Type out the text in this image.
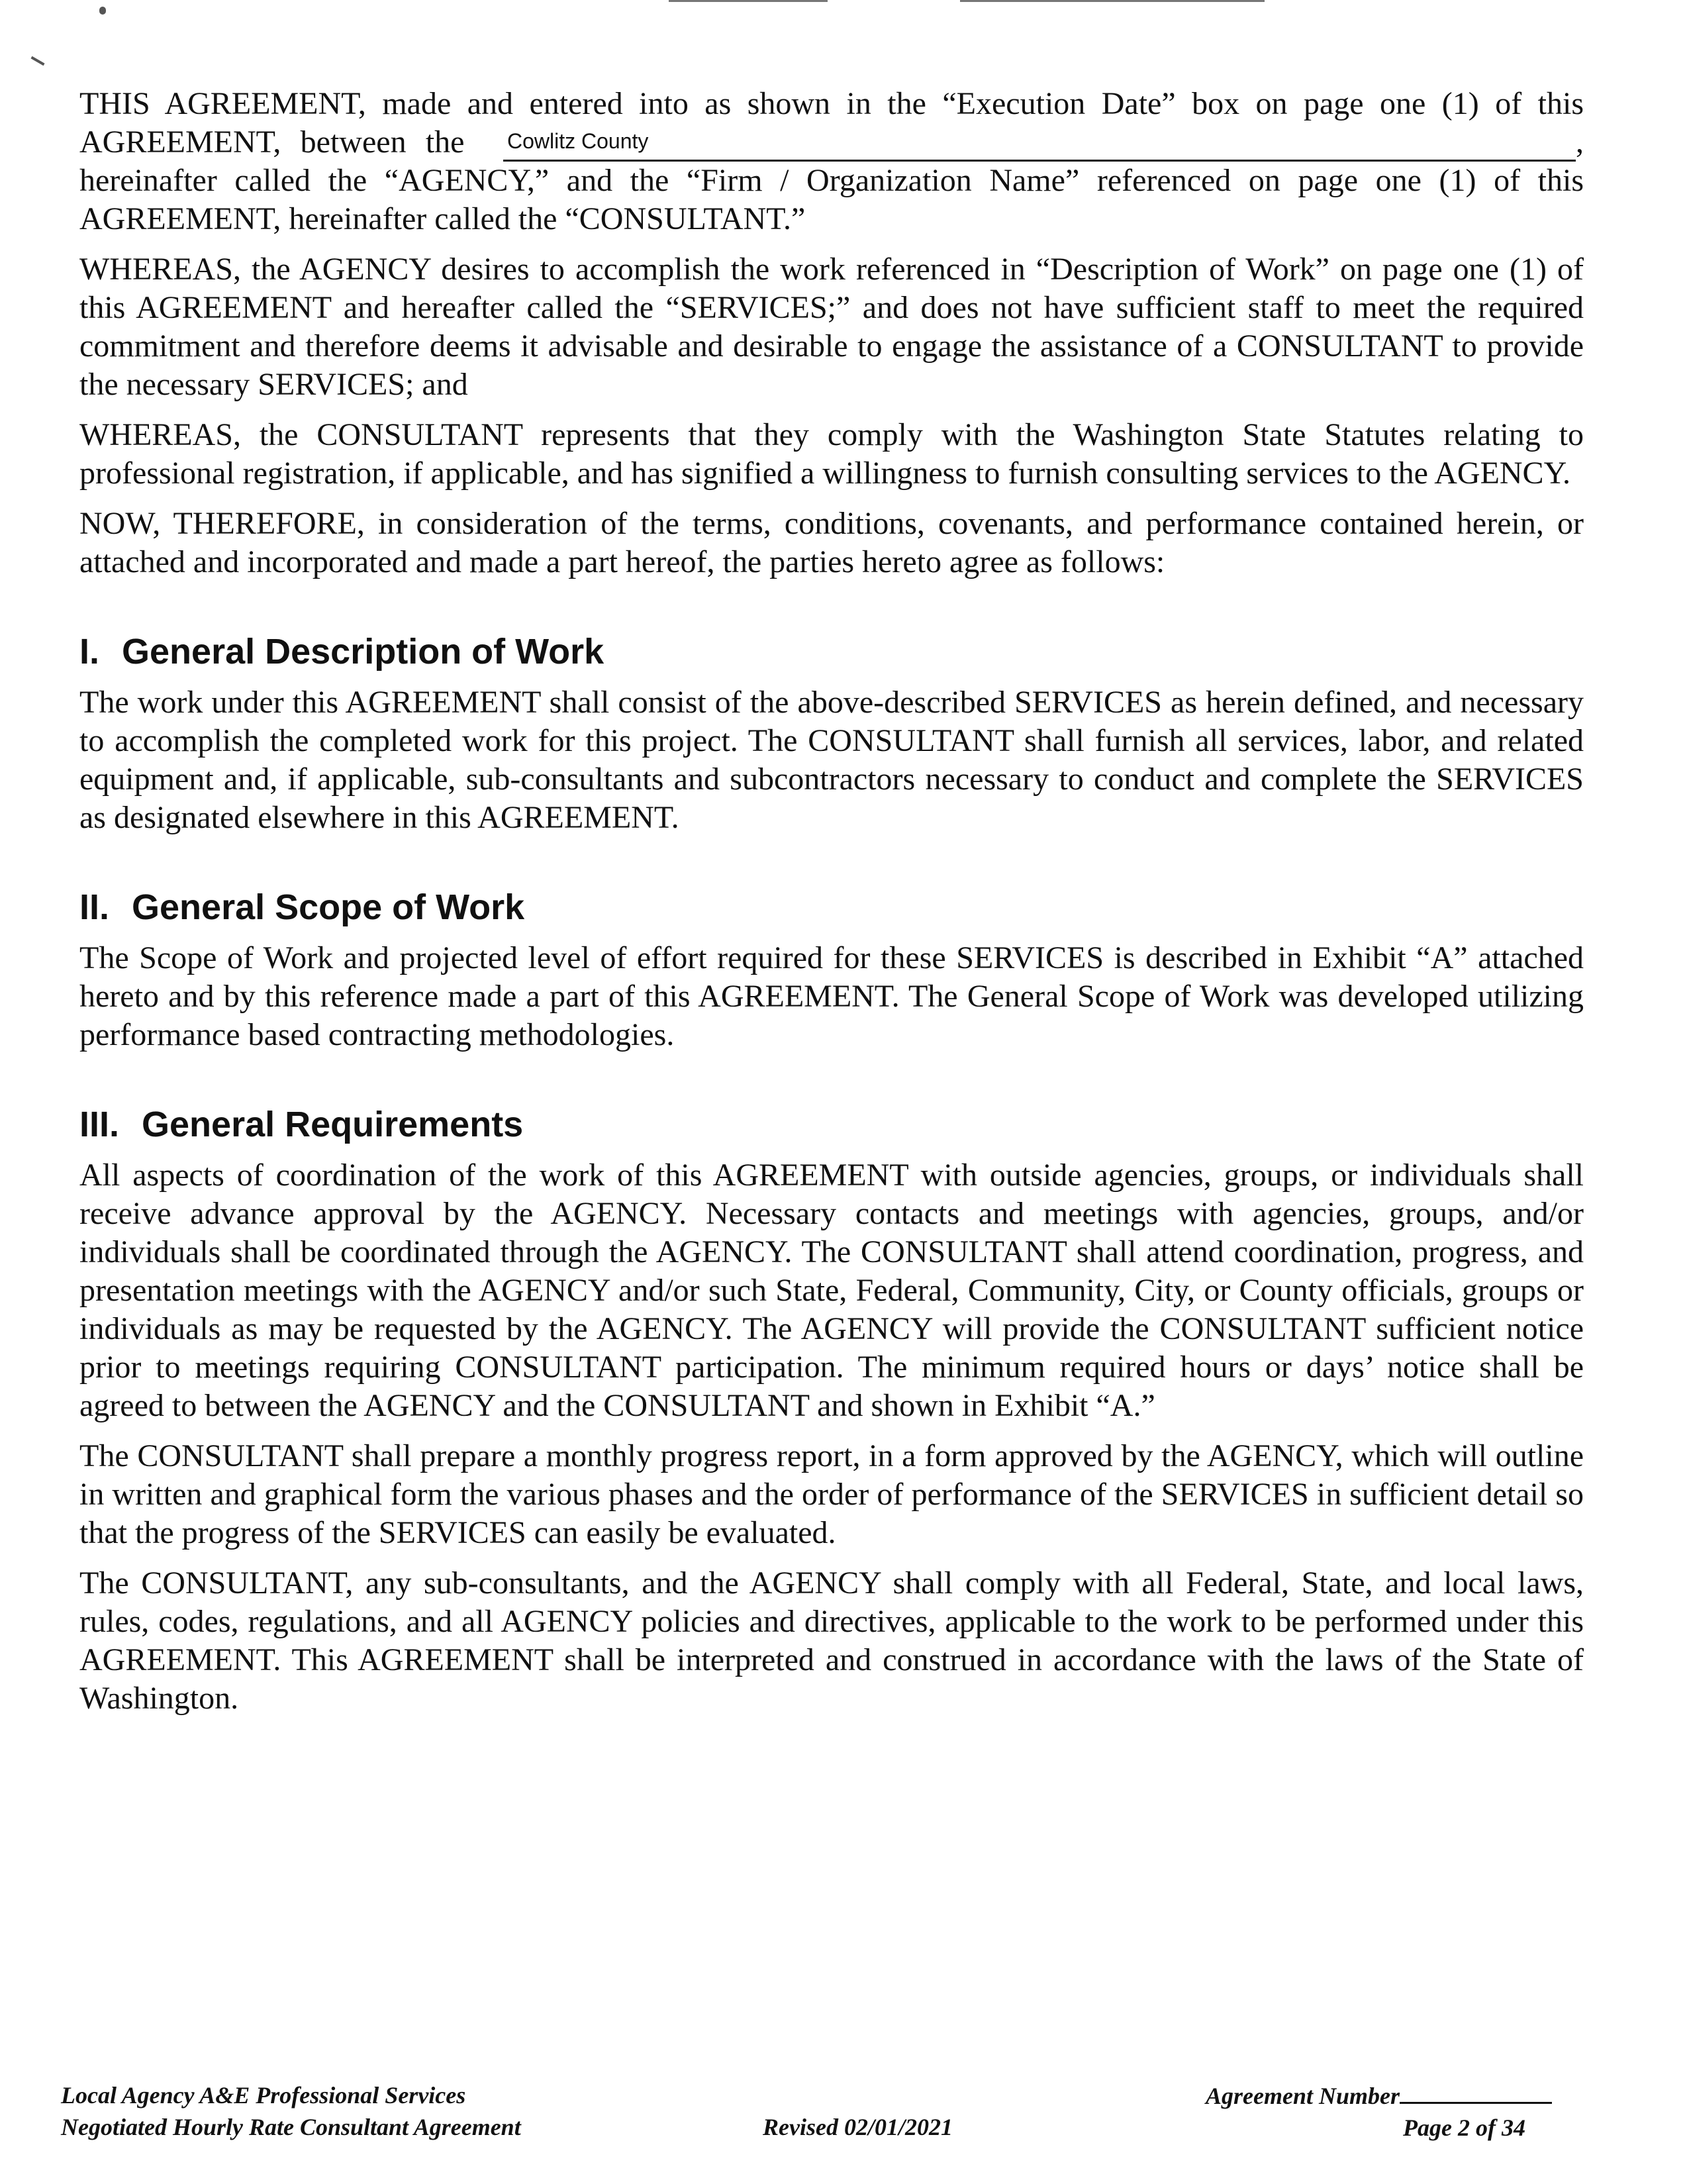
THIS AGREEMENT, made and entered into as shown in the “Execution Date” box on page one (1) of this AGREEMENT, between the Cowlitz County	, hereinafter called the “AGENCY,” and the “Firm / Organization Name” referenced on page one (1) of this AGREEMENT, hereinafter called the “CONSULTANT.”

WHEREAS, the AGENCY desires to accomplish the work referenced in “Description of Work” on page one (1) of this AGREEMENT and hereafter called the “SERVICES;” and does not have sufficient staff to meet the required commitment and therefore deems it advisable and desirable to engage the assistance of a CONSULTANT to provide the necessary SERVICES; and

WHEREAS, the CONSULTANT represents that they comply with the Washington State Statutes relating to professional registration, if applicable, and has signified a willingness to furnish consulting services to the AGENCY.

NOW, THEREFORE, in consideration of the terms, conditions, covenants, and performance contained herein, or attached and incorporated and made a part hereof, the parties hereto agree as follows:

I. General Description of Work

The work under this AGREEMENT shall consist of the above-described SERVICES as herein defined, and necessary to accomplish the completed work for this project. The CONSULTANT shall furnish all services, labor, and related equipment and, if applicable, sub-consultants and subcontractors necessary to conduct and complete the SERVICES as designated elsewhere in this AGREEMENT.

II. General Scope of Work

The Scope of Work and projected level of effort required for these SERVICES is described in Exhibit “A” attached hereto and by this reference made a part of this AGREEMENT. The General Scope of Work was developed utilizing performance based contracting methodologies.

III. General Requirements

All aspects of coordination of the work of this AGREEMENT with outside agencies, groups, or individuals shall receive advance approval by the AGENCY. Necessary contacts and meetings with agencies, groups, and/or individuals shall be coordinated through the AGENCY. The CONSULTANT shall attend coordination, progress, and presentation meetings with the AGENCY and/or such State, Federal, Community, City, or County officials, groups or individuals as may be requested by the AGENCY. The AGENCY will provide the CONSULTANT sufficient notice prior to meetings requiring CONSULTANT participation. The minimum required hours or days’ notice shall be agreed to between the AGENCY and the CONSULTANT and shown in Exhibit “A.”

The CONSULTANT shall prepare a monthly progress report, in a form approved by the AGENCY, which will outline in written and graphical form the various phases and the order of performance of the SERVICES in sufficient detail so that the progress of the SERVICES can easily be evaluated.

The CONSULTANT, any sub-consultants, and the AGENCY shall comply with all Federal, State, and local laws, rules, codes, regulations, and all AGENCY policies and directives, applicable to the work to be performed under this AGREEMENT. This AGREEMENT shall be interpreted and construed in accordance with the laws of the State of Washington.

Local Agency A&E Professional Services
Negotiated Hourly Rate Consultant Agreement	Revised 02/01/2021
Agreement Number
Page 2 of 34
